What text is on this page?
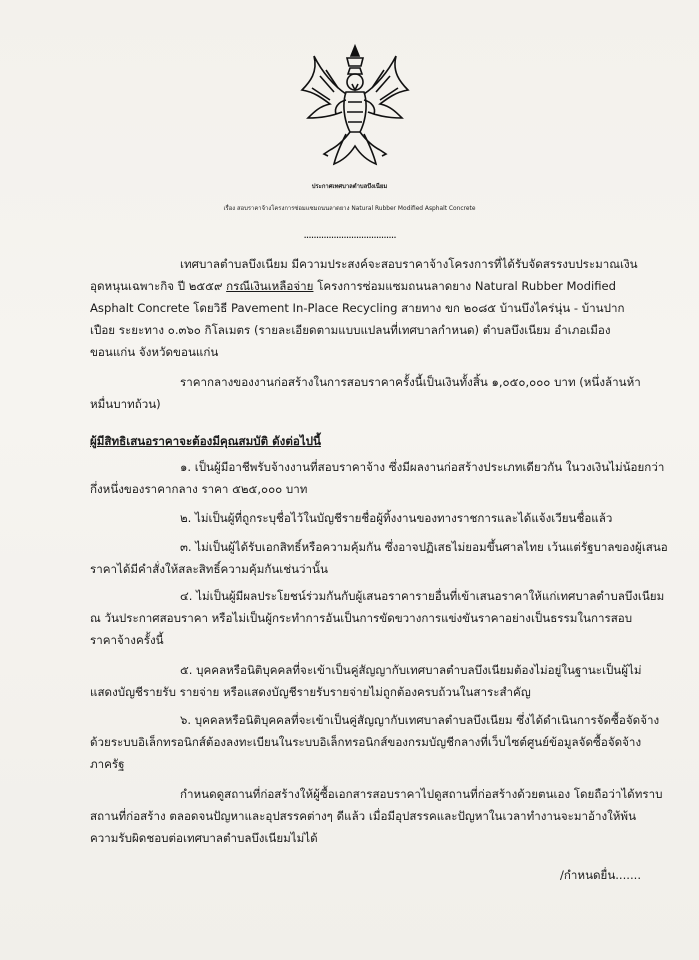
ประกาศเทศบาลตำบลบึงเนียม
เรื่อง สอบราคาจ้างโครงการซ่อมแซมถนนลาดยาง Natural Rubber Modified Asphalt Concrete
.....................................
เทศบาลตำบลบึงเนียม มีความประสงค์จะสอบราคาจ้างโครงการที่ได้รับจัดสรรงบประมาณเงิน
อุดหนุนเฉพาะกิจ ปี ๒๕๕๙ กรณีเงินเหลือจ่าย โครงการซ่อมแซมถนนลาดยาง Natural Rubber Modified
Asphalt Concrete โดยวิธี Pavement In-Place Recycling สายทาง ขก ๒๐๘๕ บ้านบึงไคร่นุ่น - บ้านปาก
เปือย ระยะทาง ๐.๓๖๐ กิโลเมตร (รายละเอียดตามแบบแปลนที่เทศบาลกำหนด) ตำบลบึงเนียม อำเภอเมือง
ขอนแก่น จังหวัดขอนแก่น
ราคากลางของงานก่อสร้างในการสอบราคาครั้งนี้เป็นเงินทั้งสิ้น ๑,๐๕๐,๐๐๐ บาท (หนึ่งล้านห้า
หมื่นบาทถ้วน)
ผู้มีสิทธิเสนอราคาจะต้องมีคุณสมบัติ ดังต่อไปนี้
๑. เป็นผู้มีอาชีพรับจ้างงานที่สอบราคาจ้าง ซึ่งมีผลงานก่อสร้างประเภทเดียวกัน ในวงเงินไม่น้อยกว่า
กึ่งหนึ่งของราคากลาง ราคา ๕๒๕,๐๐๐ บาท
๒. ไม่เป็นผู้ที่ถูกระบุชื่อไว้ในบัญชีรายชื่อผู้ทิ้งงานของทางราชการและได้แจ้งเวียนชื่อแล้ว
๓. ไม่เป็นผู้ได้รับเอกสิทธิ์หรือความคุ้มกัน ซึ่งอาจปฏิเสธไม่ยอมขึ้นศาลไทย เว้นแต่รัฐบาลของผู้เสนอ
ราคาได้มีคำสั่งให้สละสิทธิ์ความคุ้มกันเช่นว่านั้น
๔. ไม่เป็นผู้มีผลประโยชน์ร่วมกันกับผู้เสนอราคารายอื่นที่เข้าเสนอราคาให้แก่เทศบาลตำบลบึงเนียม
ณ วันประกาศสอบราคา หรือไม่เป็นผู้กระทำการอันเป็นการขัดขวางการแข่งขันราคาอย่างเป็นธรรมในการสอบ
ราคาจ้างครั้งนี้
๕. บุคคลหรือนิติบุคคลที่จะเข้าเป็นคู่สัญญากับเทศบาลตำบลบึงเนียมต้องไม่อยู่ในฐานะเป็นผู้ไม่
แสดงบัญชีรายรับ รายจ่าย หรือแสดงบัญชีรายรับรายจ่ายไม่ถูกต้องครบถ้วนในสาระสำคัญ
๖. บุคคลหรือนิติบุคคลที่จะเข้าเป็นคู่สัญญากับเทศบาลตำบลบึงเนียม ซึ่งได้ดำเนินการจัดซื้อจัดจ้าง
ด้วยระบบอิเล็กทรอนิกส์ต้องลงทะเบียนในระบบอิเล็กทรอนิกส์ของกรมบัญชีกลางที่เว็บไซต์ศูนย์ข้อมูลจัดซื้อจัดจ้าง
ภาครัฐ
กำหนดดูสถานที่ก่อสร้างให้ผู้ซื้อเอกสารสอบราคาไปดูสถานที่ก่อสร้างด้วยตนเอง โดยถือว่าได้ทราบ
สถานที่ก่อสร้าง ตลอดจนปัญหาและอุปสรรคต่างๆ ดีแล้ว เมื่อมีอุปสรรคและปัญหาในเวลาทำงานจะมาอ้างให้พ้น
ความรับผิดชอบต่อเทศบาลตำบลบึงเนียมไม่ได้
/กำหนดยื่น.......
